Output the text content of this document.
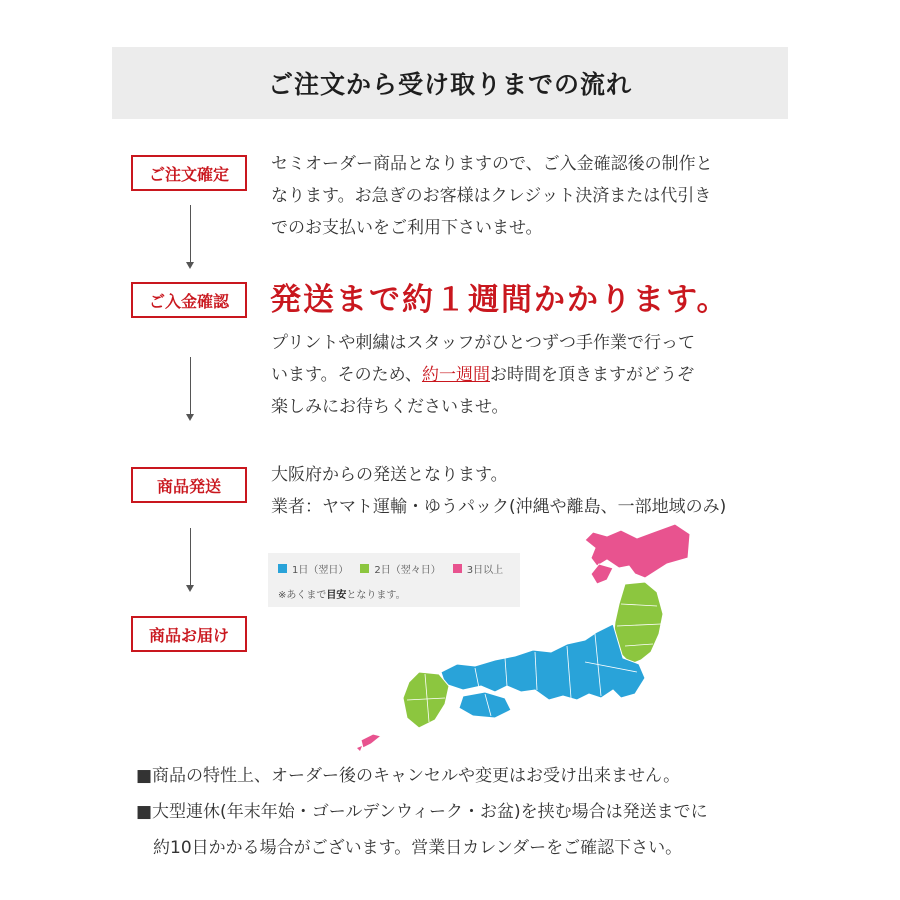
ご注文から受け取りまでの流れ
ご注文確定	セミオーダー商品となりますので、ご入金確認後の制作と
なります。お急ぎのお客様はクレジット決済または代引き
でのお支払いをご利用下さいませ。
ご入金確認	発送まで約１週間かかります。
プリントや刺繍はスタッフがひとつずつ手作業で行って
います。そのため、約一週間お時間を頂きますがどうぞ
楽しみにお待ちくださいませ。
商品発送
大阪府からの発送となります。
業者：ヤマト運輸・ゆうパック(沖縄や離島、一部地域のみ)
商品お届け
1日（翌日）	2日（翌々日）	3日以上
※あくまで目安となります。
■商品の特性上、オーダー後のキャンセルや変更はお受け出来ません。
■大型連休(年末年始・ゴールデンウィーク・お盆)を挟む場合は発送までに
　約10日かかる場合がございます。営業日カレンダーをご確認下さい。
